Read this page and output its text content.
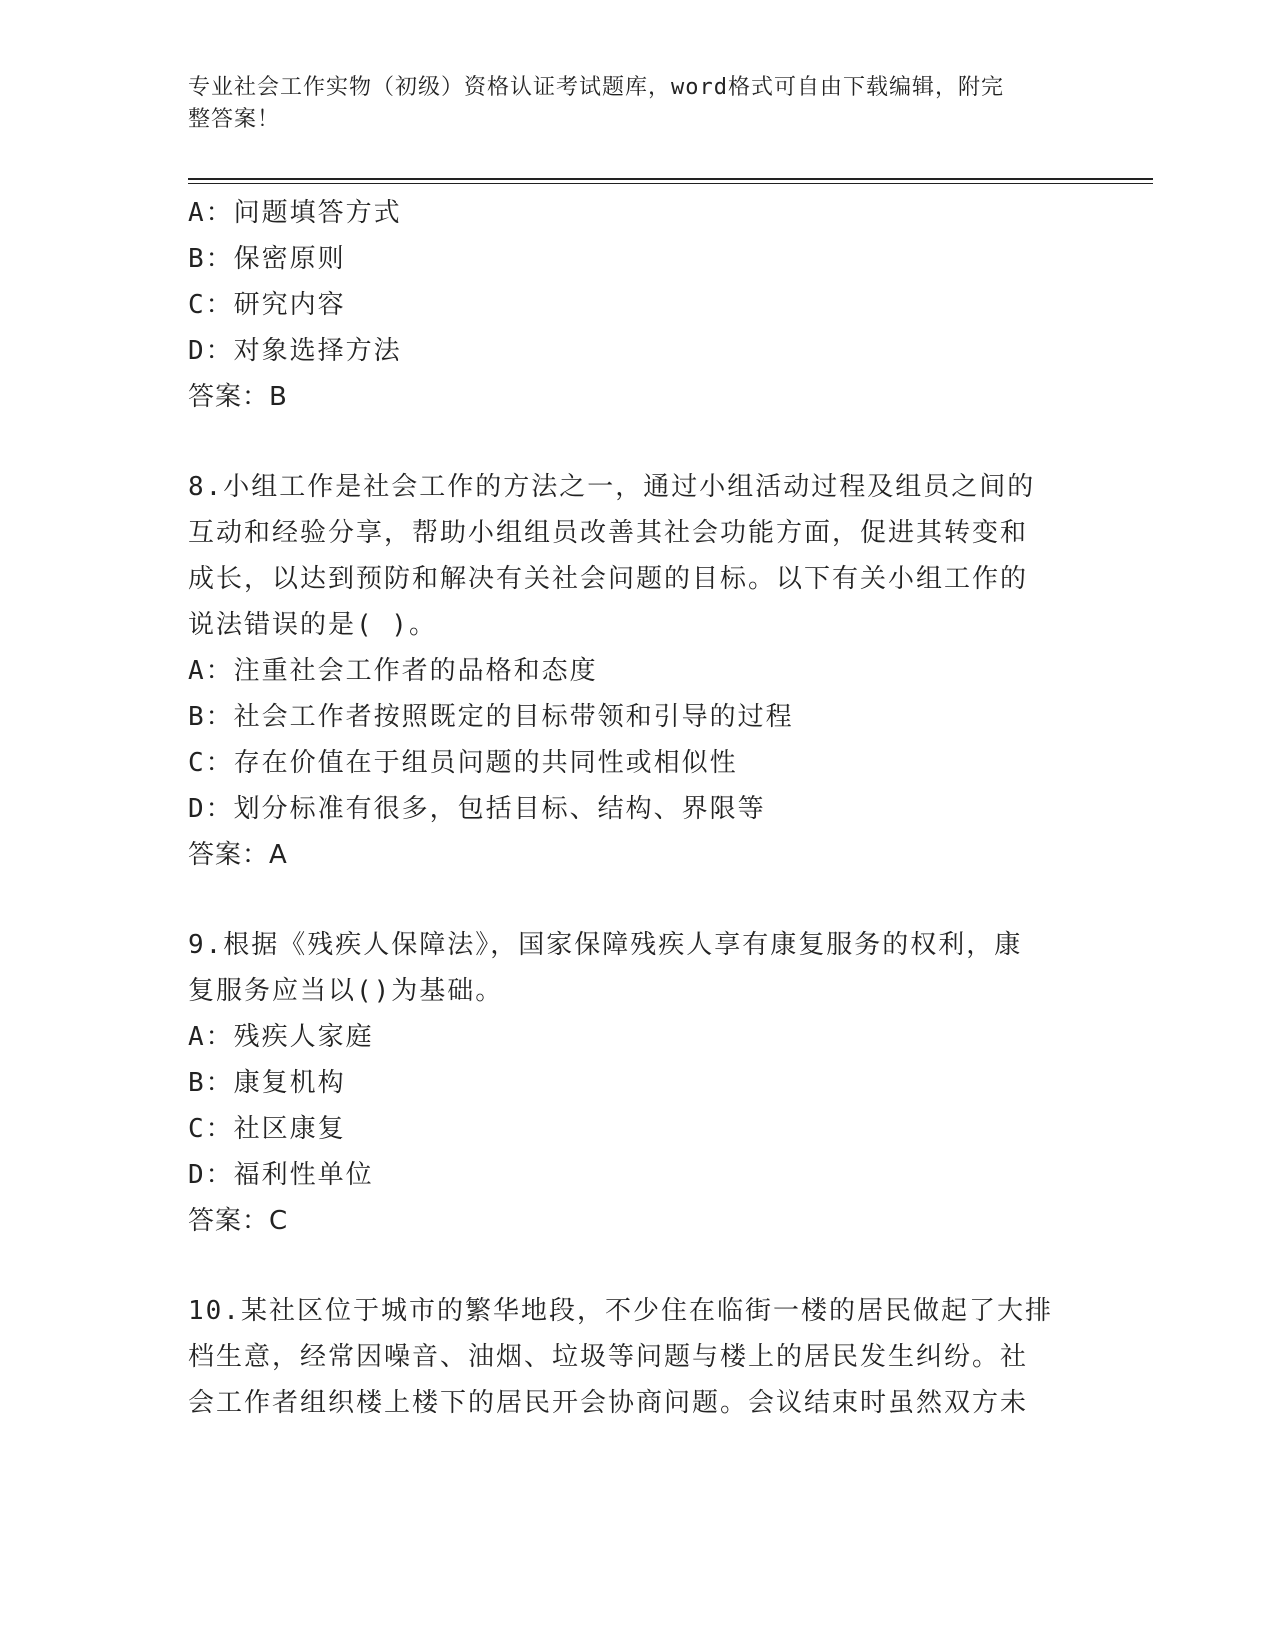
专业社会工作实物（初级）资格认证考试题库，word格式可自由下载编辑，附完
整答案！
A：问题填答方式
B：保密原则
C：研究内容
D：对象选择方法
答案：B
8.小组工作是社会工作的方法之一，通过小组活动过程及组员之间的
互动和经验分享，帮助小组组员改善其社会功能方面，促进其转变和
成长，以达到预防和解决有关社会问题的目标。以下有关小组工作的
说法错误的是( )。
A：注重社会工作者的品格和态度
B：社会工作者按照既定的目标带领和引导的过程
C：存在价值在于组员问题的共同性或相似性
D：划分标准有很多，包括目标、结构、界限等
答案：A
9.根据《残疾人保障法》，国家保障残疾人享有康复服务的权利，康
复服务应当以()为基础。
A：残疾人家庭
B：康复机构
C：社区康复
D：福利性单位
答案：C
10.某社区位于城市的繁华地段，不少住在临街一楼的居民做起了大排
档生意，经常因噪音、油烟、垃圾等问题与楼上的居民发生纠纷。社
会工作者组织楼上楼下的居民开会协商问题。会议结束时虽然双方未
